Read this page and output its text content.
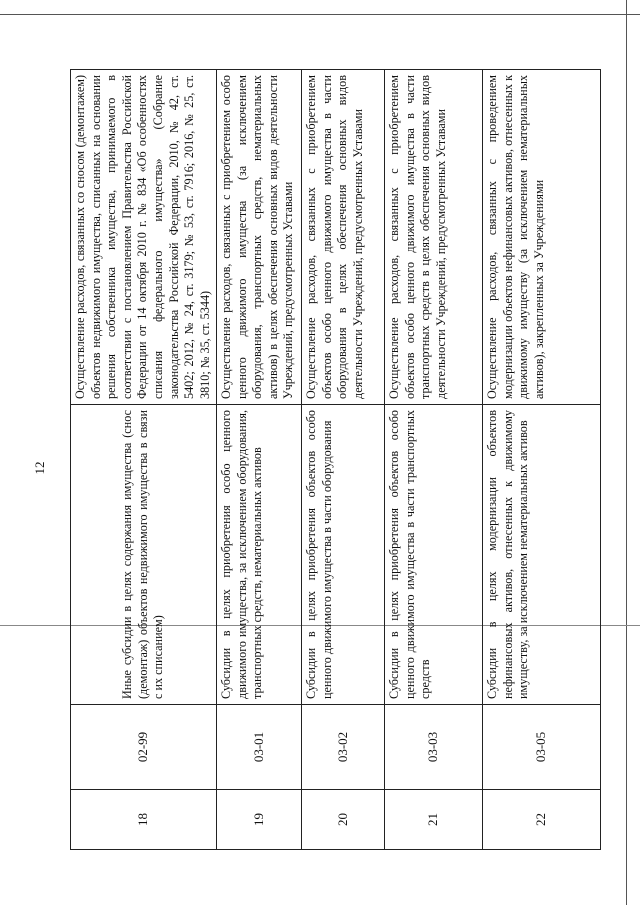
12
18	02-99	Иные субсидии в целях содержания имущества (снос (демонтаж) объектов недвижимого имущества в связи с их списанием)	Осуществление расходов, связанных со сносом (демонтажем) объектов недвижимого имущества, списанных на основании решения собственника имущества, принимаемого в соответствии с постановлением Правительства Российской Федерации от 14 октября 2010 г. № 834 «Об особенностях списания федерального имущества» (Собрание законодательства Российской Федерации, 2010, № 42, ст. 5402; 2012, № 24, ст. 3179; № 53, ст. 7916; 2016, № 25, ст. 3810; № 35, ст. 5344)
19	03-01	Субсидии в целях приобретения особо ценного движимого имущества, за исключением оборудования, транспортных средств, нематериальных активов	Осуществление расходов, связанных с приобретением особо ценного движимого имущества (за исключением оборудования, транспортных средств, нематериальных активов) в целях обеспечения основных видов деятельности Учреждений, предусмотренных Уставами
20	03-02	Субсидии в целях приобретения объектов особо ценного движимого имущества в части оборудования	Осуществление расходов, связанных с приобретением объектов особо ценного движимого имущества в части оборудования в целях обеспечения основных видов деятельности Учреждений, предусмотренных Уставами
21	03-03	Субсидии в целях приобретения объектов особо ценного движимого имущества в части транспортных средств	Осуществление расходов, связанных с приобретением объектов особо ценного движимого имущества в части транспортных средств в целях обеспечения основных видов деятельности Учреждений, предусмотренных Уставами
22	03-05	Субсидии в целях модернизации объектов нефинансовых активов, отнесенных к движимому имуществу, за исключением нематериальных активов	Осуществление расходов, связанных с проведением модернизации объектов нефинансовых активов, отнесенных к движимому имуществу (за исключением нематериальных активов), закрепленных за Учреждениями
